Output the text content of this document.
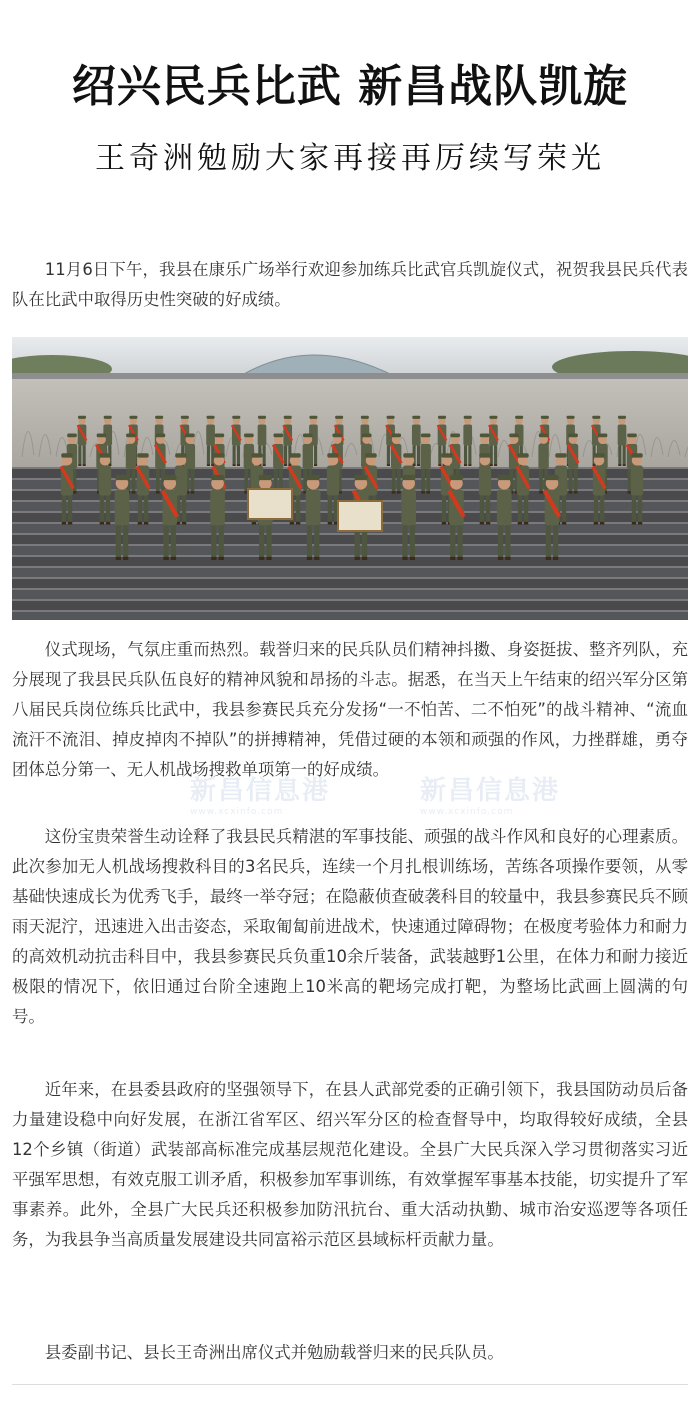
绍兴民兵比武 新昌战队凯旋
王奇洲勉励大家再接再厉续写荣光

11月6日下午，我县在康乐广场举行欢迎参加练兵比武官兵凯旋仪式，祝贺我县民兵代表队在比武中取得历史性突破的好成绩。

仪式现场，气氛庄重而热烈。载誉归来的民兵队员们精神抖擞、身姿挺拔、整齐列队，充分展现了我县民兵队伍良好的精神风貌和昂扬的斗志。据悉，在当天上午结束的绍兴军分区第八届民兵岗位练兵比武中，我县参赛民兵充分发扬“一不怕苦、二不怕死”的战斗精神、“流血流汗不流泪、掉皮掉肉不掉队”的拼搏精神，凭借过硬的本领和顽强的作风，力挫群雄，勇夺团体总分第一、无人机战场搜救单项第一的好成绩。

新昌信息港
www.xcxinfo.com
新昌信息港
www.xcxinfo.com

这份宝贵荣誉生动诠释了我县民兵精湛的军事技能、顽强的战斗作风和良好的心理素质。此次参加无人机战场搜救科目的3名民兵，连续一个月扎根训练场，苦练各项操作要领，从零基础快速成长为优秀飞手，最终一举夺冠；在隐蔽侦查破袭科目的较量中，我县参赛民兵不顾雨天泥泞，迅速进入出击姿态，采取匍匐前进战术，快速通过障碍物；在极度考验体力和耐力的高效机动抗击科目中，我县参赛民兵负重10余斤装备，武装越野1公里，在体力和耐力接近极限的情况下，依旧通过台阶全速跑上10米高的靶场完成打靶，为整场比武画上圆满的句号。

近年来，在县委县政府的坚强领导下，在县人武部党委的正确引领下，我县国防动员后备力量建设稳中向好发展，在浙江省军区、绍兴军分区的检查督导中，均取得较好成绩，全县12个乡镇（街道）武装部高标准完成基层规范化建设。全县广大民兵深入学习贯彻落实习近平强军思想，有效克服工训矛盾，积极参加军事训练，有效掌握军事基本技能，切实提升了军事素养。此外，全县广大民兵还积极参加防汛抗台、重大活动执勤、城市治安巡逻等各项任务，为我县争当高质量发展建设共同富裕示范区县域标杆贡献力量。

县委副书记、县长王奇洲出席仪式并勉励载誉归来的民兵队员。
